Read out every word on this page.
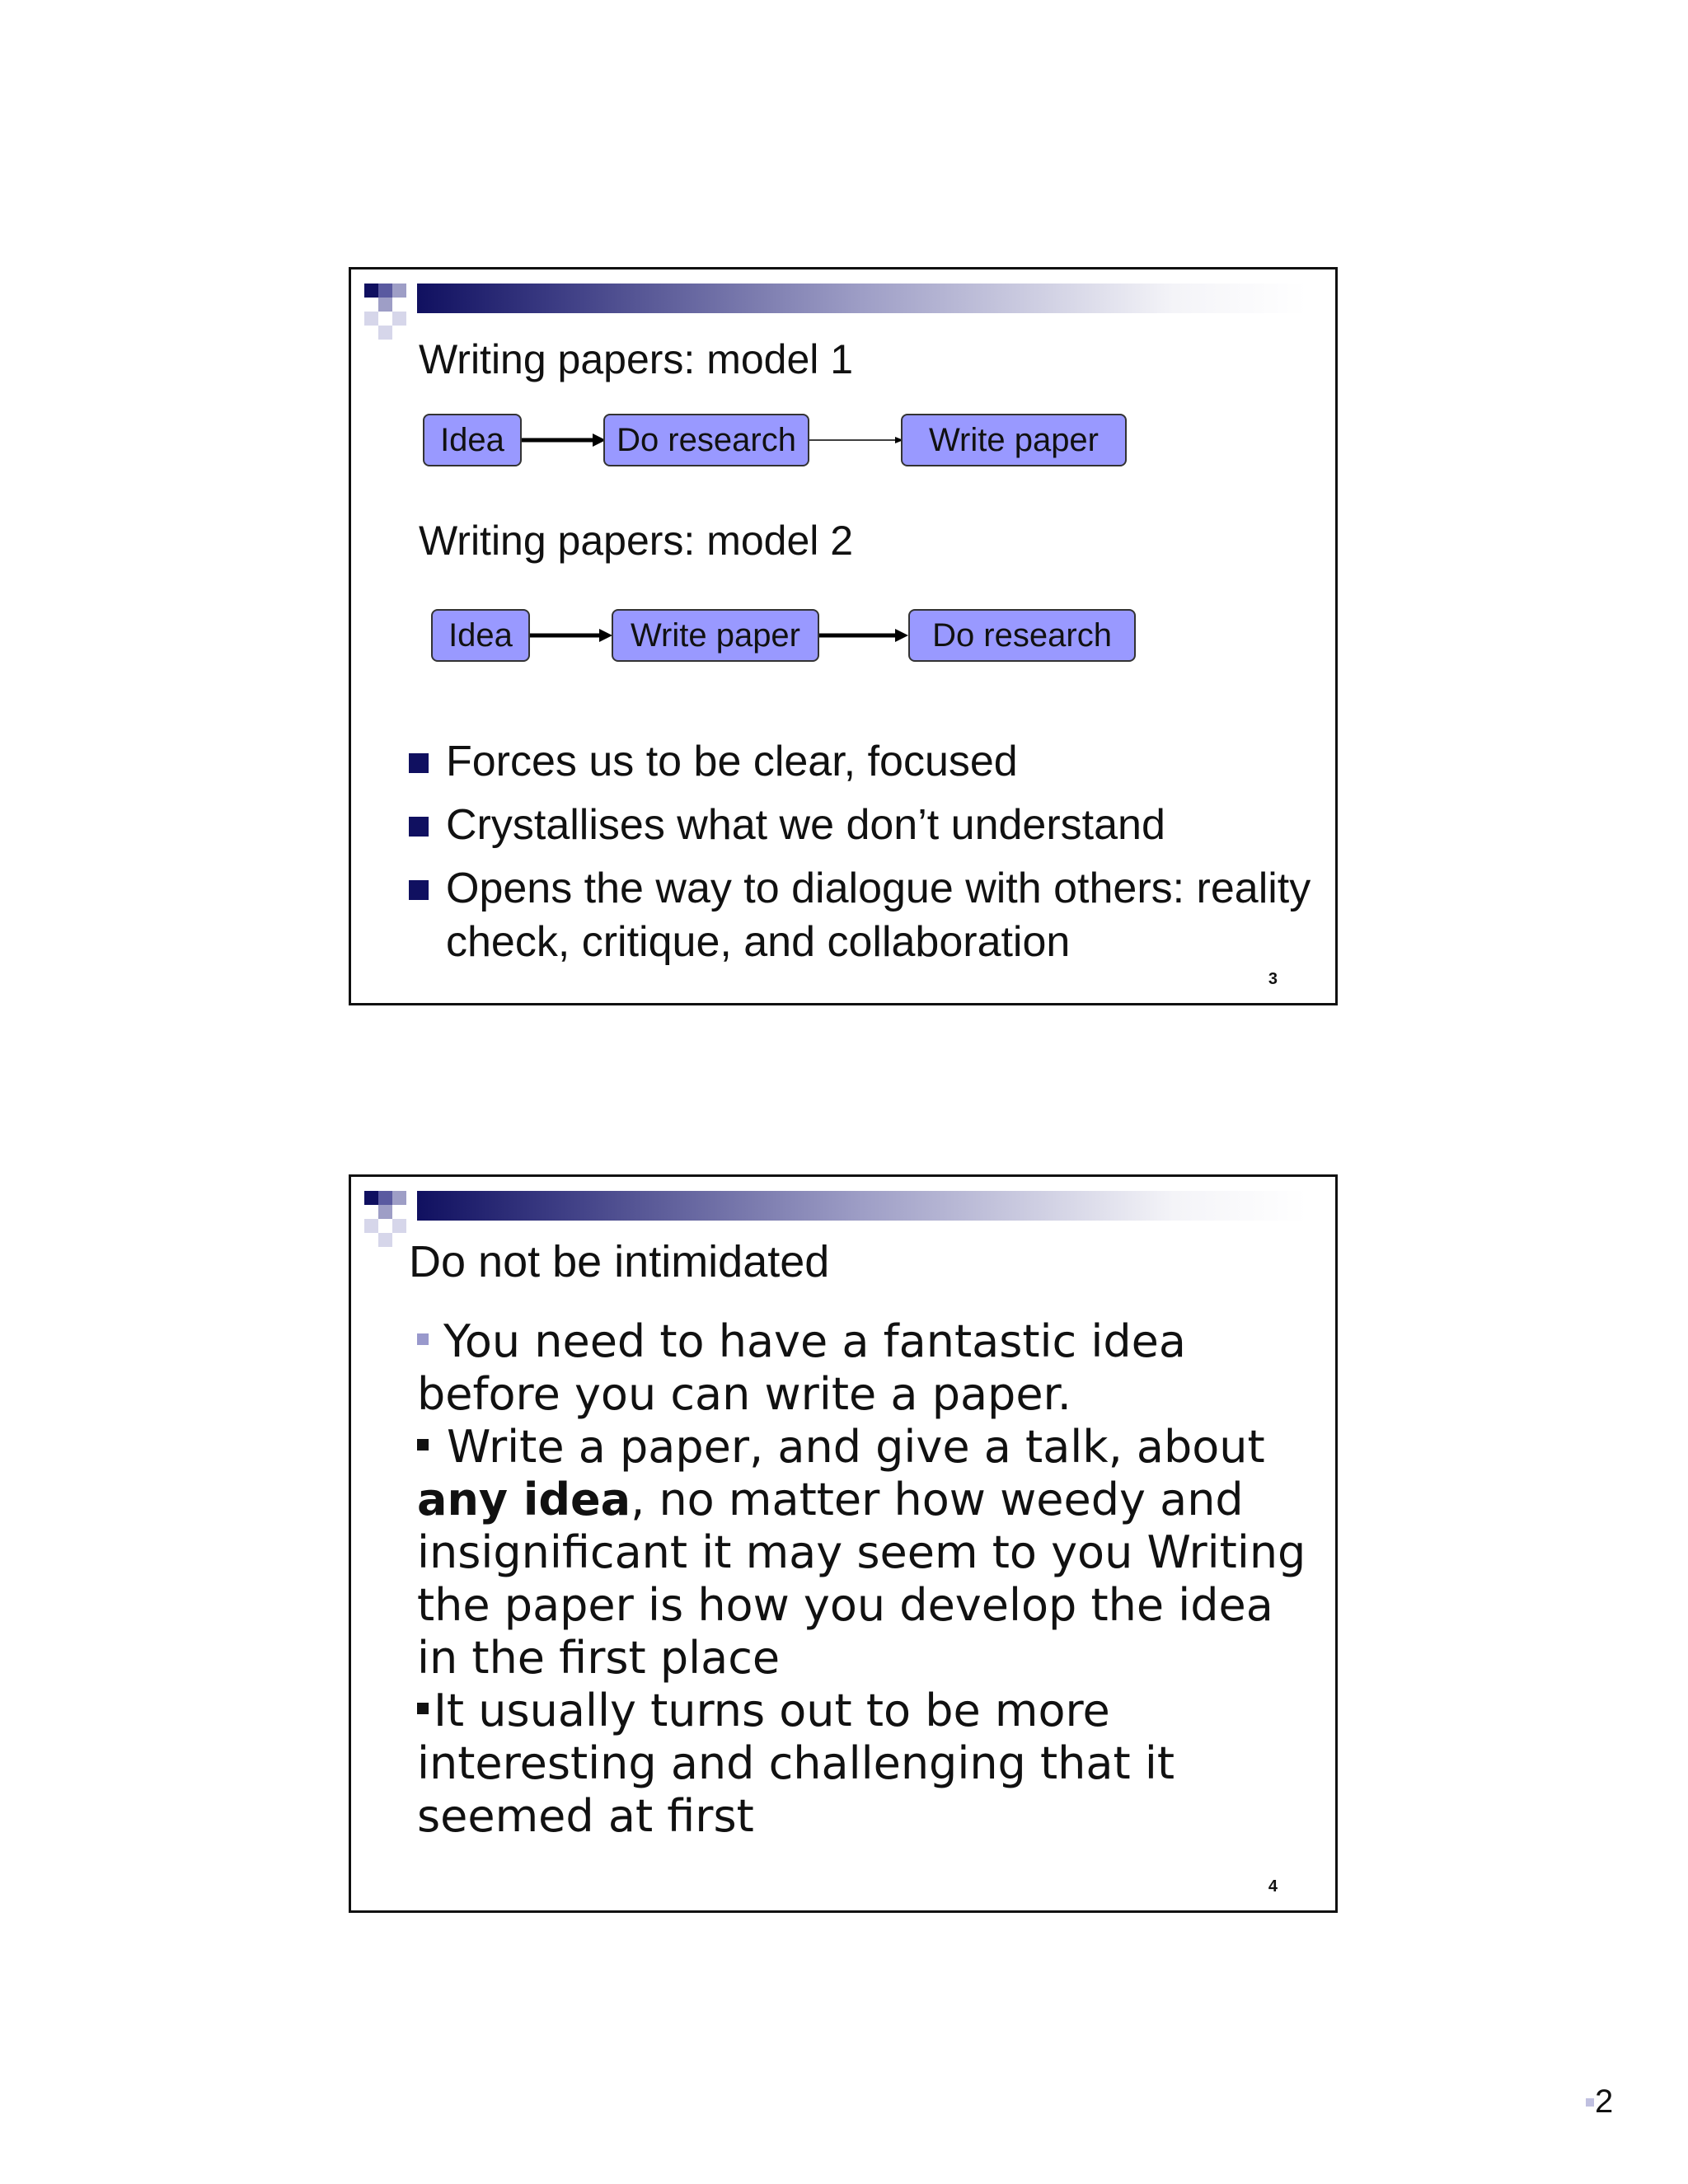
Writing papers: model 1
Idea	Do research	Write paper
Writing papers: model 2
Idea	Write paper	Do research
Forces us to be clear, focused
Crystallises what we don’t understand
Opens the way to dialogue with others: reality check, critique, and collaboration
3
Do not be intimidated

You need to have a fantastic idea before you can write a paper.

Write a paper, and give a talk, about any idea, no matter how weedy and insignificant it may seem to you Writing the paper is how you develop the idea in the first place

It usually turns out to be more interesting and challenging that it seemed at first

4
2
